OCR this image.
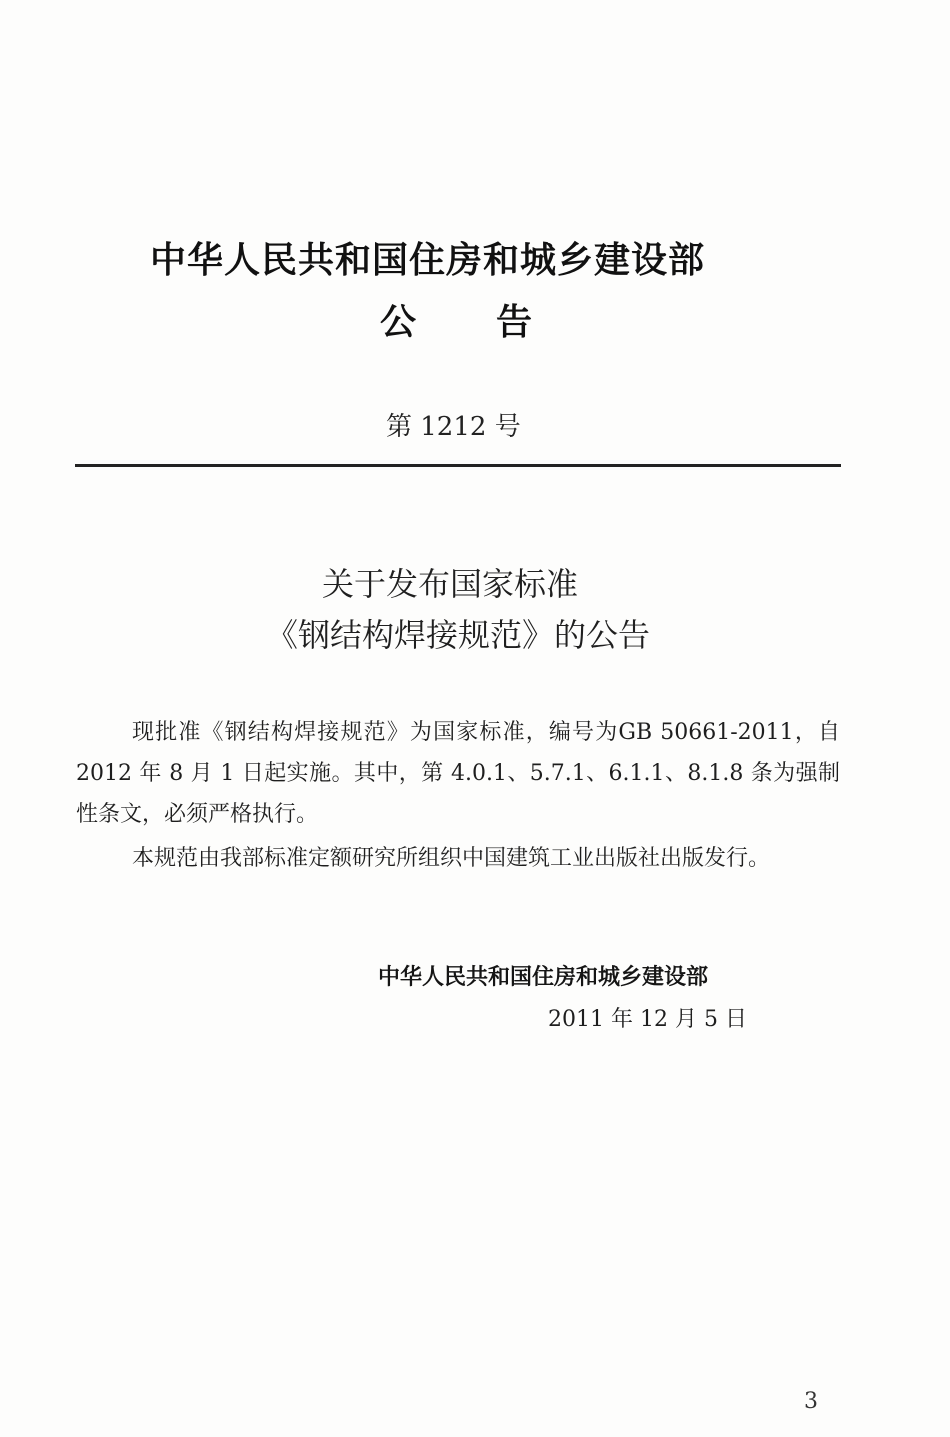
中华人民共和国住房和城乡建设部
公告
第 1212 号
关于发布国家标准
《钢结构焊接规范》的公告
现批准《钢结构焊接规范》为国家标准，编号为GB 50661-2011，自 2012 年 8 月 1 日起实施。其中，第 4.0.1、5.7.1、6.1.1、8.1.8 条为强制性条文，必须严格执行。
本规范由我部标准定额研究所组织中国建筑工业出版社出版发行。
中华人民共和国住房和城乡建设部
2011 年 12 月 5 日
3
